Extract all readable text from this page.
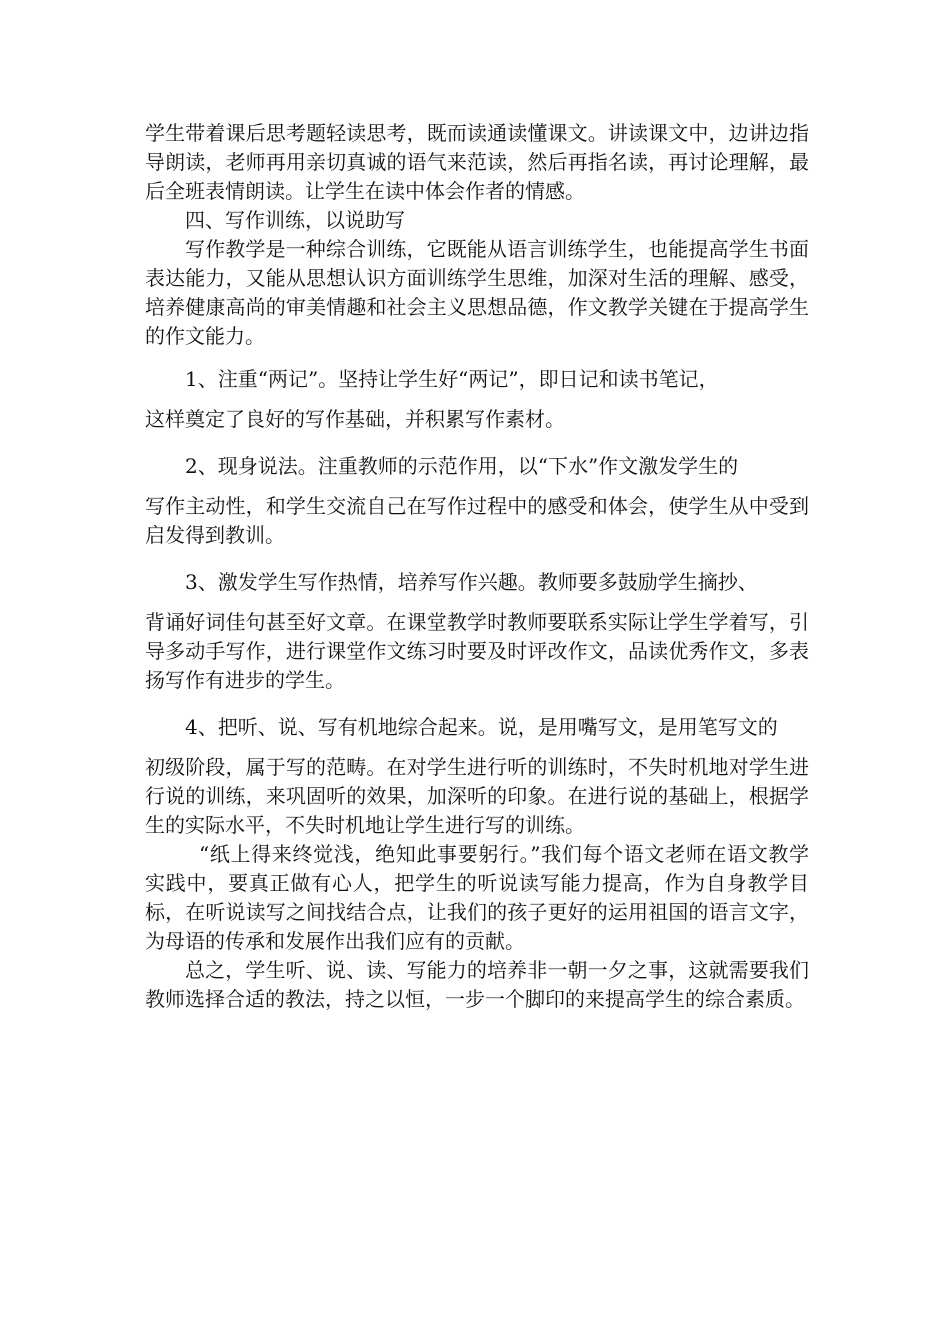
学生带着课后思考题轻读思考，既而读通读懂课文。讲读课文中，边讲边指导朗读，老师再用亲切真诚的语气来范读，然后再指名读，再讨论理解，最后全班表情朗读。让学生在读中体会作者的情感。

四、写作训练，以说助写

写作教学是一种综合训练，它既能从语言训练学生，也能提高学生书面表达能力，又能从思想认识方面训练学生思维，加深对生活的理解、感受，培养健康高尚的审美情趣和社会主义思想品德，作文教学关键在于提高学生的作文能力。

1、注重“两记”。坚持让学生好“两记”，即日记和读书笔记，
这样奠定了良好的写作基础，并积累写作素材。

2、现身说法。注重教师的示范作用，以“下水”作文激发学生的
写作主动性，和学生交流自己在写作过程中的感受和体会，使学生从中受到启发得到教训。

3、激发学生写作热情，培养写作兴趣。教师要多鼓励学生摘抄、
背诵好词佳句甚至好文章。在课堂教学时教师要联系实际让学生学着写，引导多动手写作，进行课堂作文练习时要及时评改作文，品读优秀作文，多表扬写作有进步的学生。

4、把听、说、写有机地综合起来。说，是用嘴写文，是用笔写文的
初级阶段，属于写的范畴。在对学生进行听的训练时，不失时机地对学生进行说的训练，来巩固听的效果，加深听的印象。在进行说的基础上，根据学生的实际水平，不失时机地让学生进行写的训练。

“纸上得来终觉浅，绝知此事要躬行。”我们每个语文老师在语文教学实践中，要真正做有心人，把学生的听说读写能力提高，作为自身教学目标，在听说读写之间找结合点，让我们的孩子更好的运用祖国的语言文字，为母语的传承和发展作出我们应有的贡献。

总之，学生听、说、读、写能力的培养非一朝一夕之事，这就需要我们教师选择合适的教法，持之以恒，一步一个脚印的来提高学生的综合素质。
